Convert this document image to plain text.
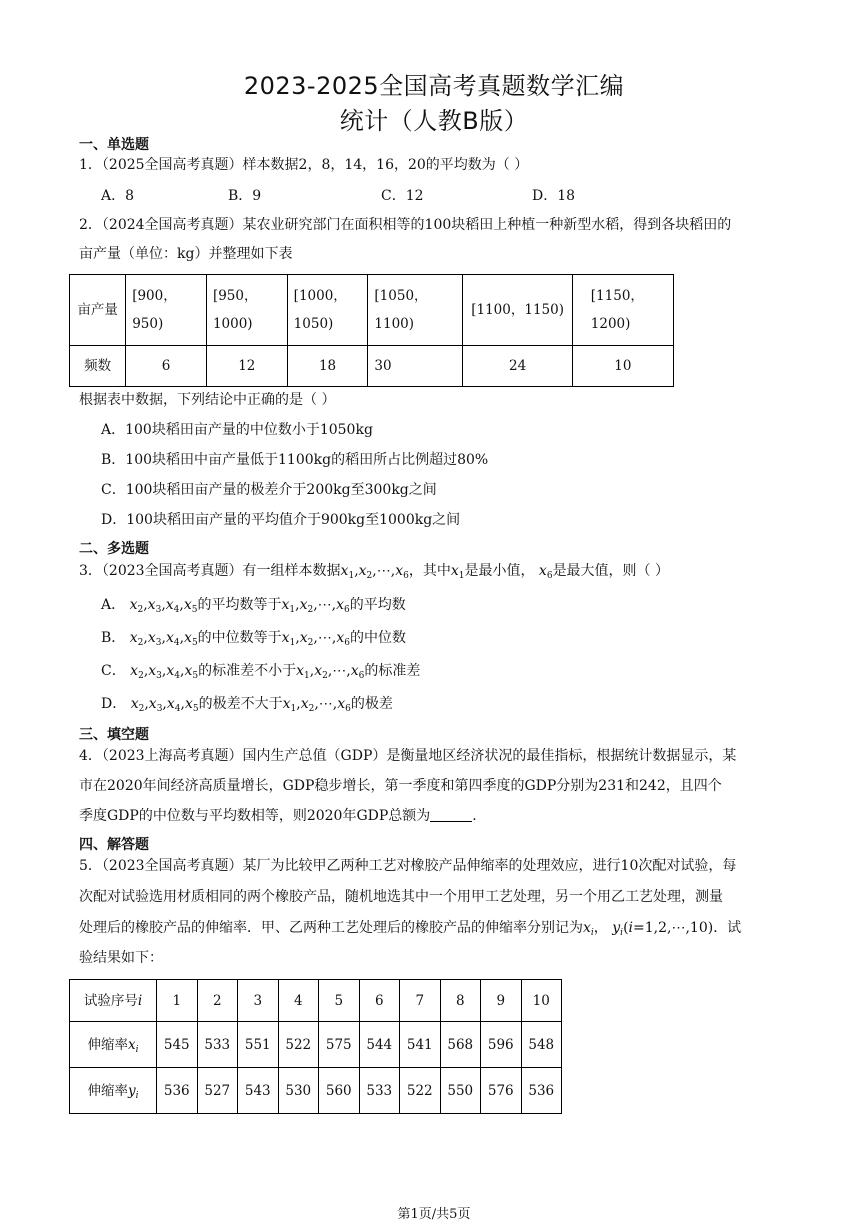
2023-2025全国高考真题数学汇编
统计（人教B版）
一、单选题
1．（2025全国高考真题）样本数据2，8，14，16，20的平均数为（ ）
A．8	B．9	C．12	D．18
2．（2024全国高考真题）某农业研究部门在面积相等的100块稻田上种植一种新型水稻，得到各块稻田的
亩产量（单位：kg）并整理如下表
亩产量	[900，950)	[950，1000)	[1000，1050)	[1050，1100)	[1100，1150)	[1150，1200)
频数	6	12	18	30	24	10
根据表中数据，下列结论中正确的是（ ）
A．100块稻田亩产量的中位数小于1050kg
B．100块稻田中亩产量低于1100kg的稻田所占比例超过80%
C．100块稻田亩产量的极差介于200kg至300kg之间
D．100块稻田亩产量的平均值介于900kg至1000kg之间
二、多选题
3．（2023全国高考真题）有一组样本数据$x_1,x_2,\cdots,x_6$，其中$x_1$是最小值， $x_6$是最大值，则（ ）
A． $x_2,x_3,x_4,x_5$的平均数等于$x_1,x_2,\cdots,x_6$的平均数
B． $x_2,x_3,x_4,x_5$的中位数等于$x_1,x_2,\cdots,x_6$的中位数
C． $x_2,x_3,x_4,x_5$的标准差不小于$x_1,x_2,\cdots,x_6$的标准差
D． $x_2,x_3,x_4,x_5$的极差不大于$x_1,x_2,\cdots,x_6$的极差
三、填空题
4．（2023上海高考真题）国内生产总值（GDP）是衡量地区经济状况的最佳指标，根据统计数据显示，某
市在2020年间经济高质量增长，GDP稳步增长，第一季度和第四季度的GDP分别为231和242，且四个
季度GDP的中位数与平均数相等，则2020年GDP总额为	.
四、解答题
5．（2023全国高考真题）某厂为比较甲乙两种工艺对橡胶产品伸缩率的处理效应，进行10次配对试验，每
次配对试验选用材质相同的两个橡胶产品，随机地选其中一个用甲工艺处理，另一个用乙工艺处理，测量
处理后的橡胶产品的伸缩率．甲、乙两种工艺处理后的橡胶产品的伸缩率分别记为$x_i$， $y_i(i=1,2,\cdots,10)$．试
验结果如下：
试验序号i	1	2	3	4	5	6	7	8	9	10
伸缩率$x_i$	545	533	551	522	575	544	541	568	596	548
伸缩率$y_i$	536	527	543	530	560	533	522	550	576	536
第1页/共5页
